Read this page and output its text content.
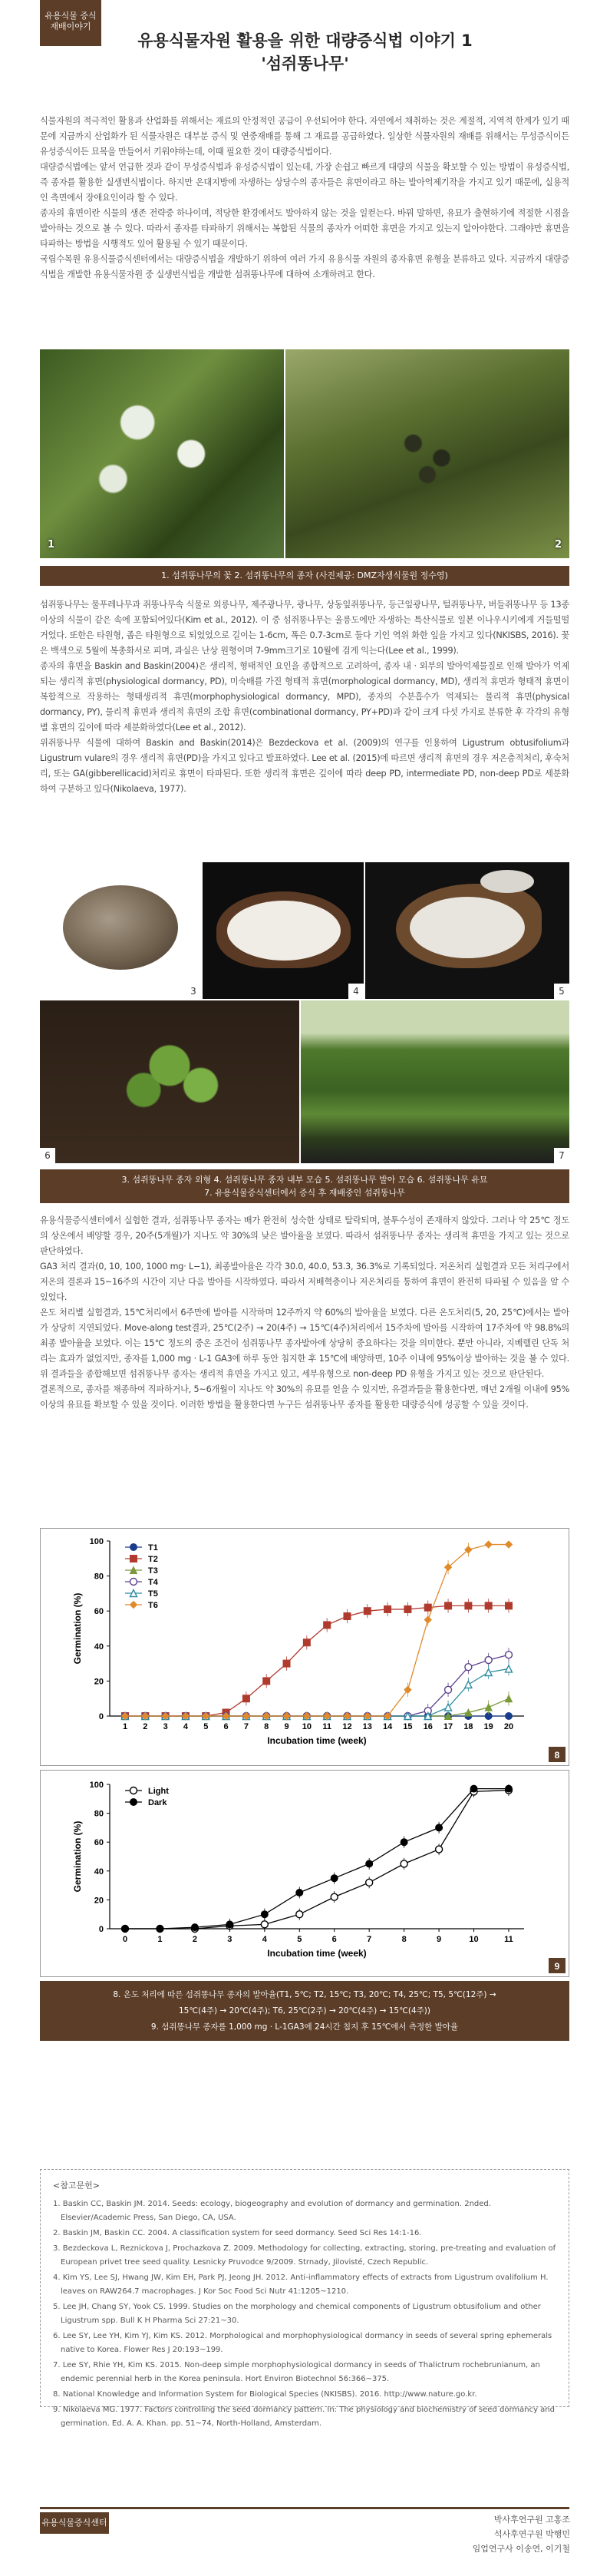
유용식물 증식
재배이야기
유용식물자원 활용을 위한 대량증식법 이야기 1
'섬쥐똥나무'

식물자원의 적극적인 활용과 산업화를 위해서는 재료의 안정적인 공급이 우선되어야 한다. 자연에서 채취하는 것은 계절적, 지역적 한계가 있기 때문에 지금까지 산업화가 된 식물자원은 대부분 증식 및 연중재배를 통해 그 재료를 공급하였다. 일상한 식물자원의 재배를 위해서는 무성증식이든 유성증식이든 묘목을 만들어서 키워야하는데, 이때 필요한 것이 대량증식법이다.

대량증식법에는 앞서 언급한 것과 같이 무성증식법과 유성증식법이 있는데, 가장 손쉽고 빠르게 대량의 식물을 확보할 수 있는 방법이 유성증식법, 즉 종자를 활용한 실생번식법이다. 하지만 온대지방에 자생하는 상당수의 종자들은 휴면이라고 하는 발아억제기작을 가지고 있기 때문에, 실용적인 측면에서 장애요인이라 할 수 있다.

종자의 휴면이란 식물의 생존 전략중 하나이며, 적당한 환경에서도 발아하지 않는 것을 일컫는다. 바꿔 말하면, 유묘가 출현하기에 적절한 시점을 발아하는 것으로 볼 수 있다. 따라서 종자를 타파하기 위해서는 복합된 식물의 종자가 어떠한 휴면을 가지고 있는지 알아야한다. 그래야만 휴면을 타파하는 방법을 시행적도 있어 활용될 수 있기 때문이다.

국립수목원 유용식물증식센터에서는 대량증식법을 개발하기 위하여 여러 가지 유용식물 자원의 종자휴면 유형을 분류하고 있다. 지금까지 대량증식법을 개발한 유용식물자원 중 실생번식법을 개발한 섬쥐똥나무에 대하여 소개하려고 한다.

1	2
1. 섬쥐똥나무의 꽃 2. 섬쥐똥나무의 종자 (사진제공: DMZ자생식물원 정수영)

섬쥐똥나무는 물푸레나무과 쥐똥나무속 식물로 외릉나무, 제주광나무, 광나무, 상동잎쥐똥나무, 등근잎광나무, 털쥐똥나무, 버들쥐똥나무 등 13종 이상의 식물이 같은 속에 포함되어있다(Kim et al., 2012). 이 중 섬쥐똥나무는 울릉도에만 자생하는 특산식물로 일본 이나우시키에게 거들떨떨거었다. 또한은 타원형, 좁은 타원형으로 되었었으로 길이는 1-6cm, 폭은 0.7-3cm로 둘다 기인 역위 화한 잎을 가지고 있다(NKISBS, 2016). 꽃은 백색으로 5월에 복총화서로 피며, 과실은 난상 원형이며 7-9mm크기로 10월에 검게 익는다(Lee et al., 1999).

종자의 휴면을 Baskin and Baskin(2004)은 생리적, 형태적인 요인을 종합적으로 고려하여, 종자 내 · 외부의 발아억제물질로 인해 발아가 억제되는 생리적 휴면(physiological dormancy, PD), 미숙배를 가진 형태적 휴면(morphological dormancy, MD), 생리적 휴면과 형태적 휴면이 복합적으로 작용하는 형태생리적 휴면(morphophysiological dormancy, MPD), 종자의 수분흡수가 억제되는 물리적 휴면(physical dormancy, PY), 물리적 휴면과 생리적 휴면의 조합 휴면(combinational dormancy, PY+PD)과 같이 크게 다섯 가지로 분류한 후 각각의 유형별 휴면의 깊이에 따라 세분화하였다(Lee et al., 2012).

위쥐똥나무 식물에 대하여 Baskin and Baskin(2014)은 Bezdeckova et al. (2009)의 연구를 인용하여 Ligustrum obtusifolium과 Ligustrum vulare의 경우 생리적 휴면(PD)을 가지고 있다고 발표하였다. Lee et al. (2015)에 따르면 생리적 휴면의 경우 저온층적처리, 후숙처리, 또는 GA(gibberellicacid)처리로 휴면이 타파된다. 또한 생리적 휴면은 깊이에 따라 deep PD, intermediate PD, non-deep PD로 세분화 하여 구분하고 있다(Nikolaeva, 1977).

3	4	5
6	7
3. 섬쥐똥나무 종자 외형 4. 섬쥐똥나무 종자 내부 모습 5. 섬쥐똥나무 발아 모습 6. 섬쥐똥나무 유묘
7. 유용식물증식센터에서 증식 후 재배중인 섬쥐똥나무

유용식물증식센터에서 실험한 결과, 섬쥐똥나무 종자는 배가 완전히 성숙한 상태로 탈락되며, 불투수성이 존재하지 않았다. 그러나 약 25℃ 정도의 상온에서 배양할 경우, 20주(5개월)가 지나도 약 30%의 낮은 발아율을 보였다. 따라서 섬쥐똥나무 종자는 생리적 휴면을 가지고 있는 것으로 판단하였다.

GA3 처리 결과(0, 10, 100, 1000 mg· L−1), 최종발아율은 각각 30.0, 40.0, 53.3, 36.3%로 기록되었다. 저온처리 실험결과 모든 처리구에서 저온의 결론과 15~16주의 시간이 지난 다음 발아를 시작하였다. 따라서 저배혁층이나 저온처리를 통하여 휴면이 완전히 타파될 수 있음을 알 수 있었다.

온도 처리별 실험결과, 15℃처리에서 6주만에 발아를 시작하며 12주까지 약 60%의 발아율을 보였다. 다른 온도처리(5, 20, 25℃)에서는 발아가 상당히 지연되었다. Move-along test결과, 25℃(2주) → 20(4주) → 15℃(4주)처리에서 15주차에 발아를 시작하여 17주차에 약 98.8%의 최종 발아율을 보였다. 이는 15℃ 정도의 중온 조건이 섬쥐똥나무 종자발아에 상당히 중요하다는 것을 의미한다. 뿐만 아니라, 지베렐린 단독 처리는 효과가 없었지만, 종자를 1,000 mg · L-1 GA3에 하루 동안 침지한 후 15℃에 배양하면, 10주 이내에 95%이상 발아하는 것을 볼 수 있다. 위 결과들을 종합해보면 섬쥐똥나무 종자는 생리적 휴면을 가지고 있고, 세부유형으로 non-deep PD 유형을 가지고 있는 것으로 판단된다.

결론적으로, 종자를 채종하여 직파하거나, 5~6개월이 지나도 약 30%의 유묘를 얻을 수 있지만, 유결과들을 활용한다면, 매년 2개월 이내에 95% 이상의 유묘를 확보할 수 있을 것이다. 이러한 방법을 활용한다면 누구든 섬쥐똥나무 종자를 활용한 대량증식에 성공할 수 있을 것이다.

0
20
40
60
80
100
1 2 3 4 5 6 7 8 9 10 11 12 13 14 15 16 17 18 19 20
Incubation time (week)
Germination (%)
T1
T2
T3
T4
T5
T6
8
0
20
40
60
80
100
0	1	2	3	4	5	6	7	8	9	10	11
Incubation time (week)
Germination (%)
Light
Dark
9
8. 온도 처리에 따른 섬쥐똥나무 종자의 발아율(T1, 5℃; T2, 15℃; T3, 20℃; T4, 25℃; T5, 5℃(12주) →
15℃(4주) → 20℃(4주); T6, 25℃(2주) → 20℃(4주) → 15℃(4주))
9. 섬쥐똥나무 종자를 1,000 mg · L-1GA3에 24시간 침지 후 15℃에서 측정한 발아율
<참고문헌>
1. Baskin CC, Baskin JM. 2014. Seeds: ecology, biogeography and evolution of dormancy and germination. 2nded. Elsevier/Academic Press, San Diego, CA, USA.
2. Baskin JM, Baskin CC. 2004. A classification system for seed dormancy. Seed Sci Res 14:1-16.
3. Bezdeckova L, Reznickova J, Prochazkova Z. 2009. Methodology for collecting, extracting, storing, pre-treating and evaluation of European privet tree seed quality. Lesnicky Pruvodce 9/2009. Strnady, Jilovisté, Czech Republic.
4. Kim YS, Lee SJ, Hwang JW, Kim EH, Park PJ, Jeong JH. 2012. Anti-inflammatory effects of extracts from Ligustrum ovalifolium H. leaves on RAW264.7 macrophages. J Kor Soc Food Sci Nutr 41:1205~1210.
5. Lee JH, Chang SY, Yook CS. 1999. Studies on the morphology and chemical components of Ligustrum obtusifolium and other Ligustrum spp. Bull K H Pharma Sci 27:21~30.
6. Lee SY, Lee YH, Kim YJ, Kim KS. 2012. Morphological and morphophysiological dormancy in seeds of several spring ephemerals native to Korea. Flower Res J 20:193~199.
7. Lee SY, Rhie YH, Kim KS. 2015. Non-deep simple morphophysiological dormancy in seeds of Thalictrum rochebrunianum, an endemic perennial herb in the Korea peninsula. Hort Environ Biotechnol 56:366~375.
8. National Knowledge and Information System for Biological Species (NKISBS). 2016. http://www.nature.go.kr.
9. Nikolaeva MG. 1977. Factors controlling the seed dormancy pattern. In: The physiology and biochemistry of seed dormancy and germination. Ed. A. A. Khan. pp. 51~74, North-Holland, Amsterdam.
유용식물증식센터	박사후연구원 고홍조
석사후연구원 박행민
임업연구사 이송연, 이기철
